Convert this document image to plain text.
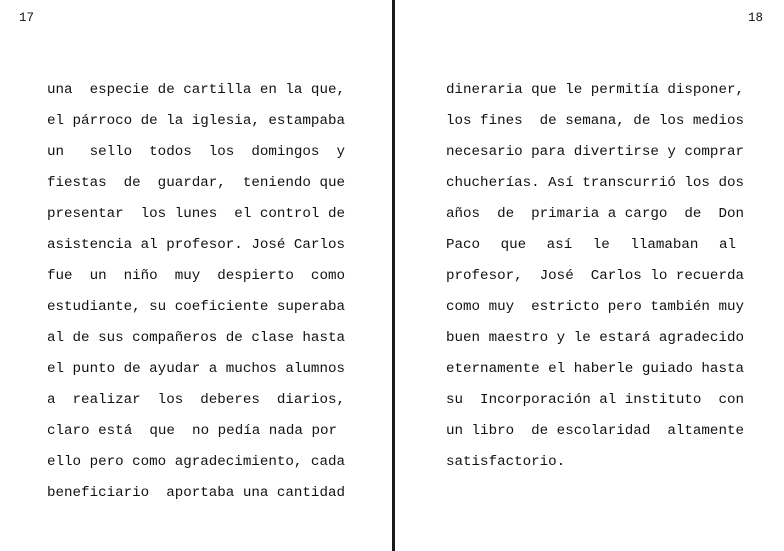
17
una  especie de cartilla en la que,
el párroco de la iglesia, estampaba
un   sello  todos  los  domingos  y
fiestas  de  guardar,  teniendo que
presentar  los lunes  el control de
asistencia al profesor. José Carlos
fue  un  niño  muy  despierto  como
estudiante, su coeficiente superaba
al de sus compañeros de clase hasta
el punto de ayudar a muchos alumnos
a  realizar  los  deberes  diarios,
claro está  que  no pedía nada por
ello pero como agradecimiento, cada
beneficiario  aportaba una cantidad
18
dineraria que le permitía disponer,
los fines  de semana, de los medios
necesario para divertirse y comprar
chucherías. Así transcurrió los dos
años  de  primaria a cargo  de  Don
Paco  que  así  le  llamaban  al
profesor,  José  Carlos lo recuerda
como muy  estricto pero también muy
buen maestro y le estará agradecido
eternamente el haberle guiado hasta
su  Incorporación al instituto  con
un libro  de escolaridad  altamente
satisfactorio.
